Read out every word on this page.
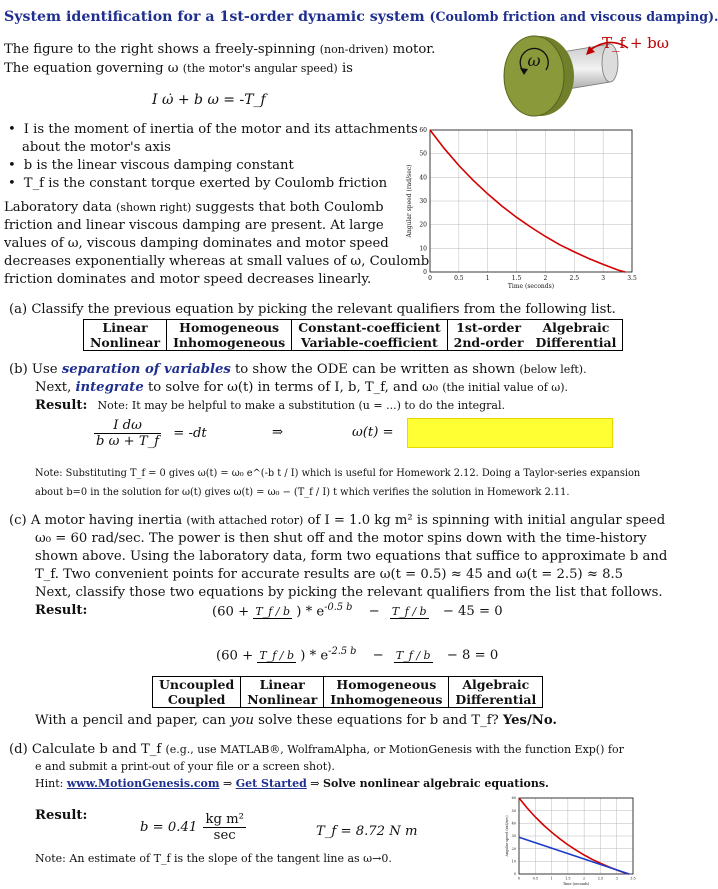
System identification for a 1st-order dynamic system (Coulomb friction and viscous damping).
The figure to the right shows a freely-spinning (non-driven) motor.
The equation governing ω (the motor's angular speed) is
I ω̇ + b ω = -T_f
ω
T_f + bω
• I is the moment of inertia of the motor and its attachments
about the motor's axis
• b is the linear viscous damping constant
• T_f is the constant torque exerted by Coulomb friction
Laboratory data (shown right) suggests that both Coulomb
friction and linear viscous damping are present. At large
values of ω, viscous damping dominates and motor speed
decreases exponentially whereas at small values of ω, Coulomb
friction dominates and motor speed decreases linearly.	0	0.5	1	1.5	2	2.5	3	3.5
0
10
20
30
40
50
60
Time (seconds)
Angular speed (rad/sec)
(a) Classify the previous equation by picking the relevant qualifiers from the following list.
Linear
Nonlinear

Homogeneous
Inhomogeneous

Constant-coefficient
Variable-coefficient

1st-order
2nd-order

Algebraic
Differential
(b) Use separation of variables to show the ODE can be written as shown (below left).
Next, integrate to solve for ω(t) in terms of I, b, T_f, and ω₀ (the initial value of ω).
Result: Note: It may be helpful to make a substitution (u = ...) to do the integral.
$\frac{\text{I dω}}{\text{b ω + T\_f}} = -dt$	⇒	ω(t) =
Note: Substituting T_f = 0 gives ω(t) = ω₀ e^(-b t / I) which is useful for Homework 2.12. Doing a Taylor-series expansion
about b=0 in the solution for ω(t) gives ω(t) = ω₀ − (T_f / I) t which verifies the solution in Homework 2.11.
(c) A motor having inertia (with attached rotor) of I = 1.0 kg m² is spinning with initial angular speed
ω₀ = 60 rad/sec. The power is then shut off and the motor spins down with the time-history
shown above. Using the laboratory data, form two equations that suffice to approximate b and
T_f. Two convenient points for accurate results are ω(t = 0.5) ≈ 45 and ω(t = 2.5) ≈ 8.5
Next, classify those two equations by picking the relevant qualifiers from the list that follows.
Result:	(60 + T_f / b ) * $e^{-0.5 b}$ − T_f / b − 45 = 0
(60 + T_f / b ) * $e^{-2.5 b}$ − T_f / b − 8 = 0
Uncoupled
Coupled

Linear
Nonlinear

Homogeneous
Inhomogeneous

Algebraic
Differential
With a pencil and paper, can you solve these equations for b and T_f? Yes/No.
(d) Calculate b and T_f (e.g., use MATLAB®, WolframAlpha, or MotionGenesis with the function Exp() for
e and submit a print-out of your file or a screen shot).
Hint: www.MotionGenesis.com ⇒ Get Started ⇒ Solve nonlinear algebraic equations.
Result:
$b = 0.41 \frac{\text{kg m²}}{\sec}$	T_f = 8.72 N m
Note: An estimate of T_f is the slope of the tangent line as ω→0.
0	0.5	1	1.5	2	2.5	3	3.5
0
10
20
30
40
50
60
Time (seconds)
Angular speed (rad/sec)
